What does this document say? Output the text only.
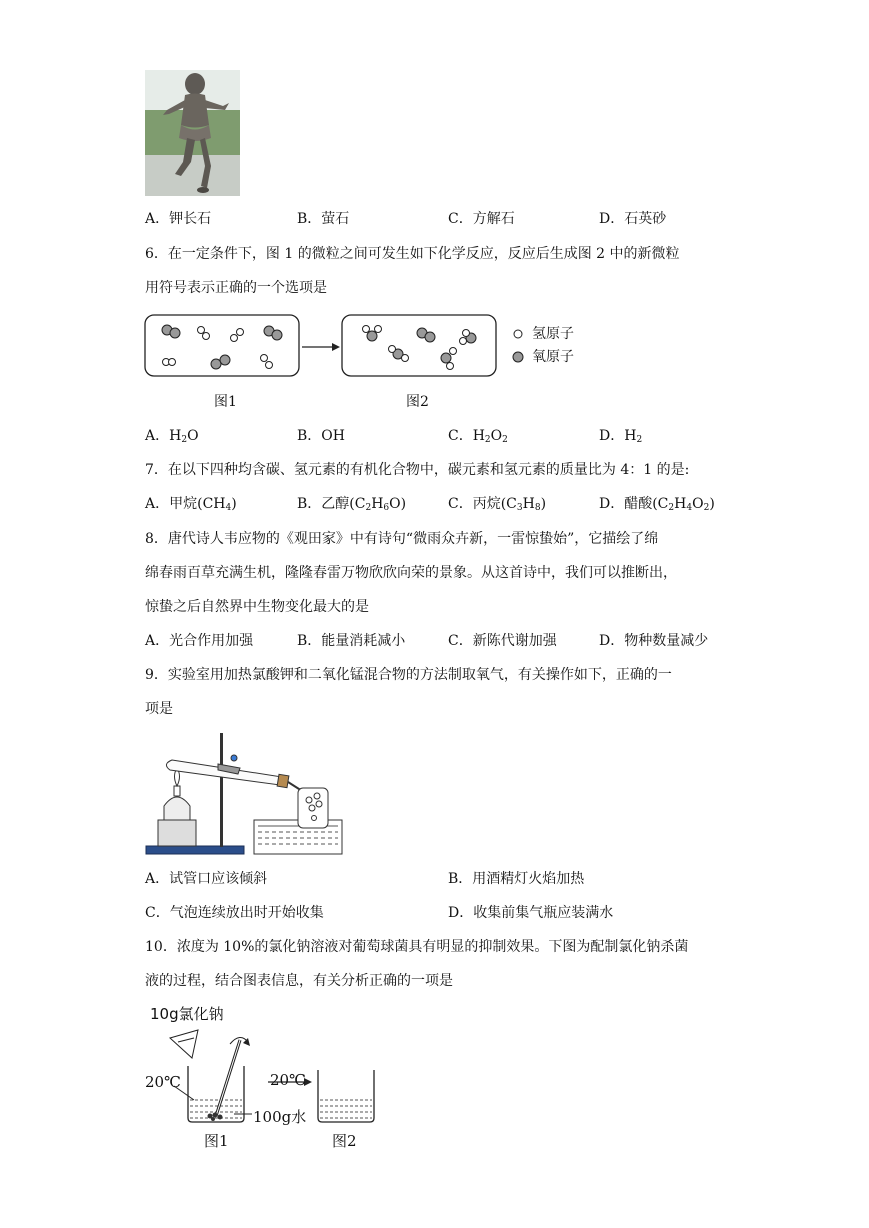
A．钾长石	B．萤石	C．方解石	D．石英砂
6．在一定条件下，图 1 的微粒之间可发生如下化学反应，反应后生成图 2 中的新微粒
用符号表示正确的一个选项是
氢原子
氧原子
图1	图2
A．$H_2O$	B．OH	C．$H_2O_2$	D．$H_2$
7．在以下四种均含碳、氢元素的有机化合物中，碳元素和氢元素的质量比为 4：1 的是:
A．甲烷$(CH_4)$	B．乙醇$(C_2H_6O)$	C．丙烷$(C_3H_8)$	D．醋酸$(C_2H_4O_2)$
8．唐代诗人韦应物的《观田家》中有诗句“微雨众卉新，一雷惊蛰始”，它描绘了绵
绵春雨百草充满生机，隆隆春雷万物欣欣向荣的景象。从这首诗中，我们可以推断出，
惊蛰之后自然界中生物变化最大的是
A．光合作用加强	B．能量消耗减小	C．新陈代谢加强	D．物种数量减少
9．实验室用加热氯酸钾和二氧化锰混合物的方法制取氧气，有关操作如下，正确的一
项是
A．试管口应该倾斜	B．用酒精灯火焰加热
C．气泡连续放出时开始收集	D．收集前集气瓶应装满水
10．浓度为 10%的氯化钠溶液对葡萄球菌具有明显的抑制效果。下图为配制氯化钠杀菌
液的过程，结合图表信息，有关分析正确的一项是
10g氯化钠
20℃	20℃
100g水
图1	图2
